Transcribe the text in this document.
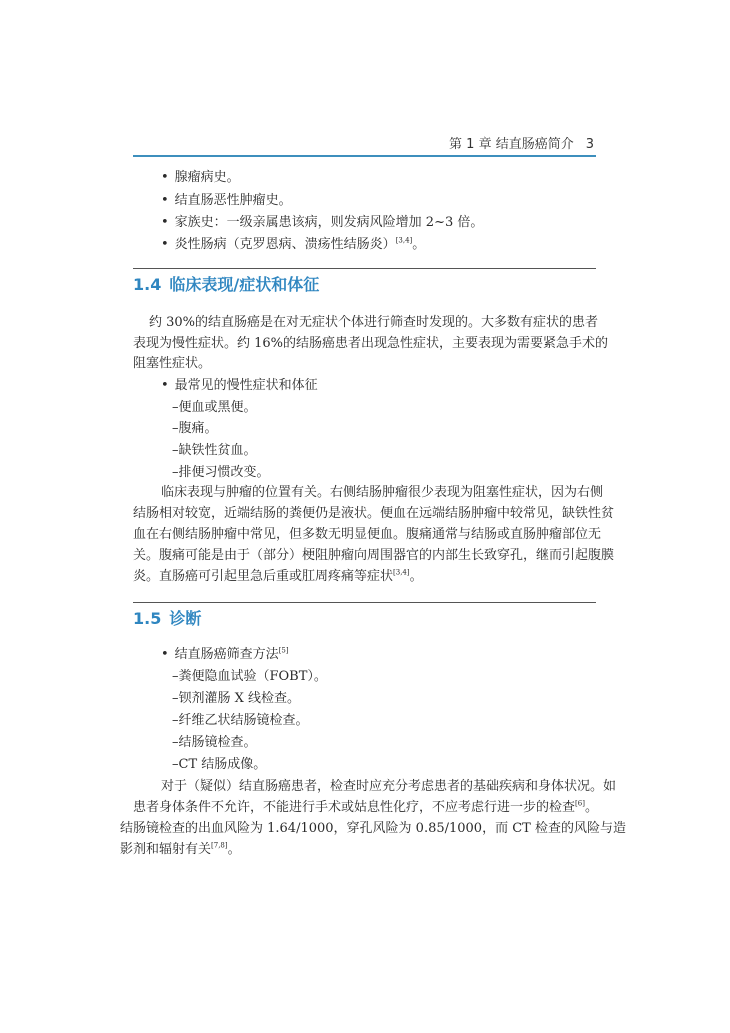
第 1 章 结直肠癌简介 3
• 腺瘤病史。
• 结直肠恶性肿瘤史。
• 家族史：一级亲属患该病，则发病风险增加 2~3 倍。
• 炎性肠病（克罗恩病、溃疡性结肠炎）[3,4]。
1.4 临床表现/症状和体征
约 30%的结直肠癌是在对无症状个体进行筛查时发现的。大多数有症状的患者
表现为慢性症状。约 16%的结肠癌患者出现急性症状，主要表现为需要紧急手术的
阻塞性症状。
• 最常见的慢性症状和体征
–便血或黑便。
–腹痛。
–缺铁性贫血。
–排便习惯改变。
临床表现与肿瘤的位置有关。右侧结肠肿瘤很少表现为阻塞性症状，因为右侧
结肠相对较宽，近端结肠的粪便仍是液状。便血在远端结肠肿瘤中较常见，缺铁性贫
血在右侧结肠肿瘤中常见，但多数无明显便血。腹痛通常与结肠或直肠肿瘤部位无
关。腹痛可能是由于（部分）梗阻肿瘤向周围器官的内部生长致穿孔，继而引起腹膜
炎。直肠癌可引起里急后重或肛周疼痛等症状[3,4]。
1.5 诊断
• 结直肠癌筛查方法[5]
–粪便隐血试验（FOBT）。
–钡剂灌肠 X 线检查。
–纤维乙状结肠镜检查。
–结肠镜检查。
–CT 结肠成像。
对于（疑似）结直肠癌患者，检查时应充分考虑患者的基础疾病和身体状况。如
患者身体条件不允许，不能进行手术或姑息性化疗，不应考虑行进一步的检查[6]。
结肠镜检查的出血风险为 1.64/1000，穿孔风险为 0.85/1000，而 CT 检查的风险与造
影剂和辐射有关[7,8]。
